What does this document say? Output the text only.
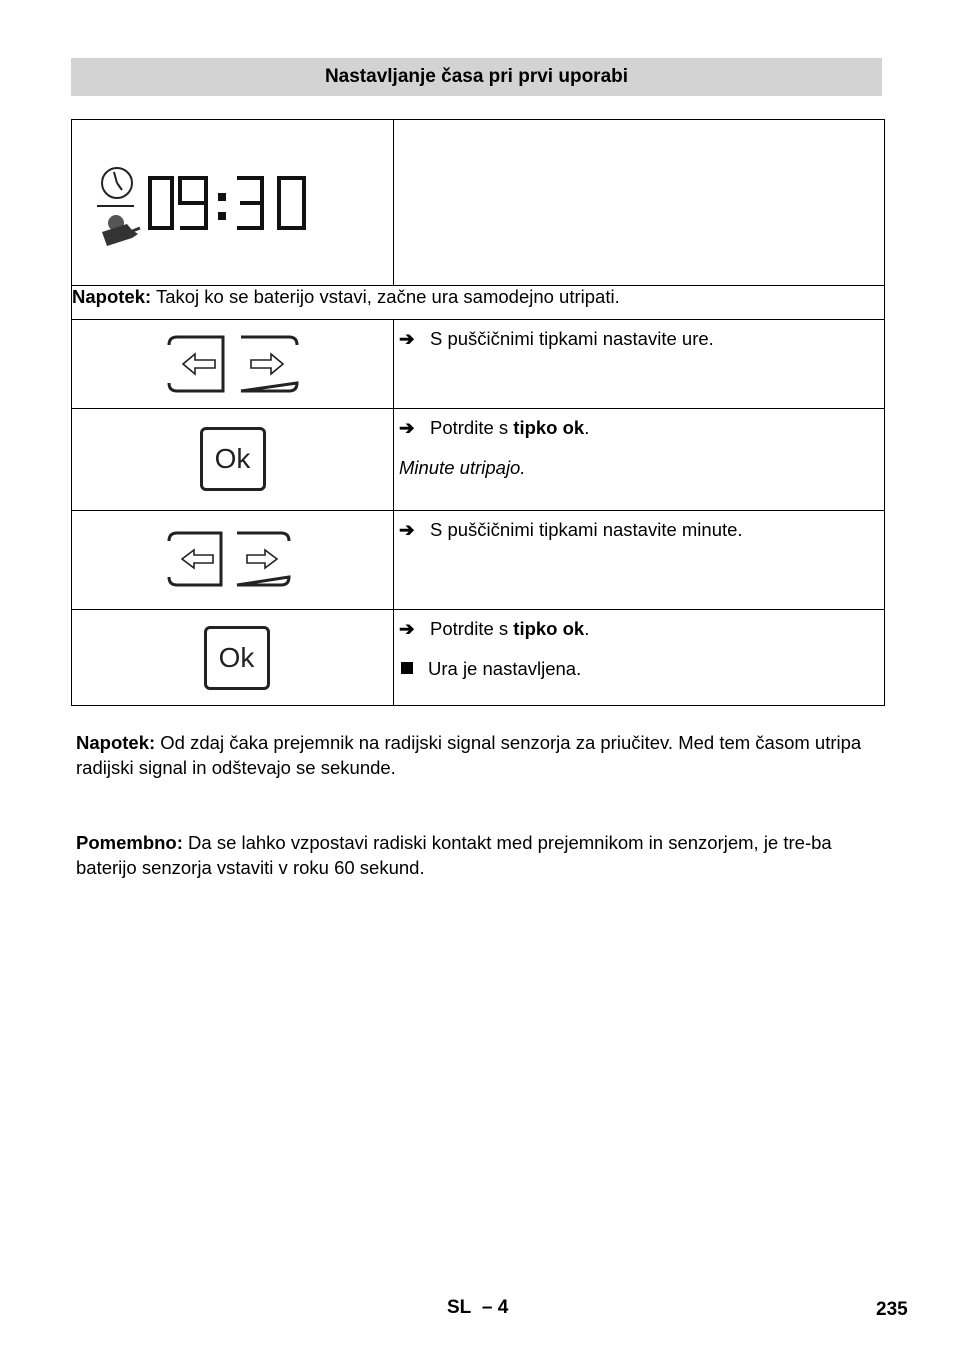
Nastavljanje časa pri prvi uporabi

Napotek: Takoj ko se baterijo vstavi, začne ura samodejno utripati.	

➔ S puščičnimi tipkami nastavite ure.

Ok	➔ Potrdite s tipko ok.
Minute utripajo.

➔ S puščičnimi tipkami nastavite minute.

Ok	➔ Potrdite s tipko ok.
Ura je nastavljena.
Napotek: Od zdaj čaka prejemnik na radijski signal senzorja za priučitev. Med tem časom utripa radijski signal in odštevajo se sekunde.
Pomembno: Da se lahko vzpostavi radiski kontakt med prejemnikom in senzorjem, je tre-ba baterijo senzorja vstaviti v roku 60 sekund.
SL – 4	235
